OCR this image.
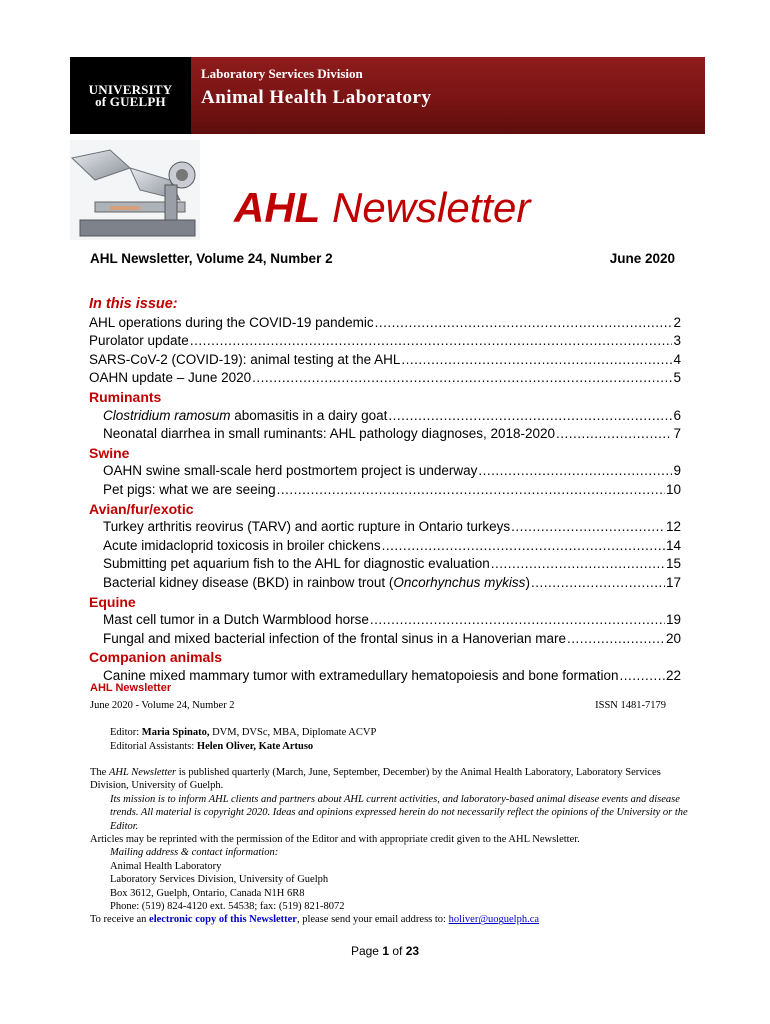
UNIVERSITY
of GUELPH
Laboratory Services Division
Animal Health Laboratory
AHL Newsletter
AHL Newsletter, Volume 24, Number 2	June 2020
In this issue:
AHL operations during the COVID-19 pandemic .....	2
Purolator update .....	3
SARS-CoV-2 (COVID-19): animal testing at the AHL .....	4
OAHN update – June 2020 .....	5
Ruminants
Clostridium ramosum abomasitis in a dairy goat .....	6
Neonatal diarrhea in small ruminants: AHL pathology diagnoses, 2018-2020 .....	7
Swine
OAHN swine small-scale herd postmortem project is underway .....	9
Pet pigs: what we are seeing .....	10
Avian/fur/exotic
Turkey arthritis reovirus (TARV) and aortic rupture in Ontario turkeys .....	12
Acute imidacloprid toxicosis in broiler chickens .....	14
Submitting pet aquarium fish to the AHL for diagnostic evaluation .....	15
Bacterial kidney disease (BKD) in rainbow trout (Oncorhynchus mykiss) .....	17
Equine
Mast cell tumor in a Dutch Warmblood horse .....	19
Fungal and mixed bacterial infection of the frontal sinus in a Hanoverian mare .....	20
Companion animals
Canine mixed mammary tumor with extramedullary hematopoiesis and bone formation .....	22
AHL Newsletter
June 2020 - Volume 24, Number 2	ISSN 1481-7179
Editor: Maria Spinato, DVM, DVSc, MBA, Diplomate ACVP
Editorial Assistants: Helen Oliver, Kate Artuso
The AHL Newsletter is published quarterly (March, June, September, December) by the Animal Health Laboratory, Laboratory Services Division, University of Guelph.
Its mission is to inform AHL clients and partners about AHL current activities, and laboratory-based animal disease events and disease trends. All material is copyright 2020. Ideas and opinions expressed herein do not necessarily reflect the opinions of the University or the Editor.
Articles may be reprinted with the permission of the Editor and with appropriate credit given to the AHL Newsletter.
Mailing address & contact information:
Animal Health Laboratory
Laboratory Services Division, University of Guelph
Box 3612, Guelph, Ontario, Canada N1H 6R8
Phone: (519) 824-4120 ext. 54538; fax: (519) 821-8072
To receive an electronic copy of this Newsletter, please send your email address to: holiver@uoguelph.ca
Page 1 of 23
